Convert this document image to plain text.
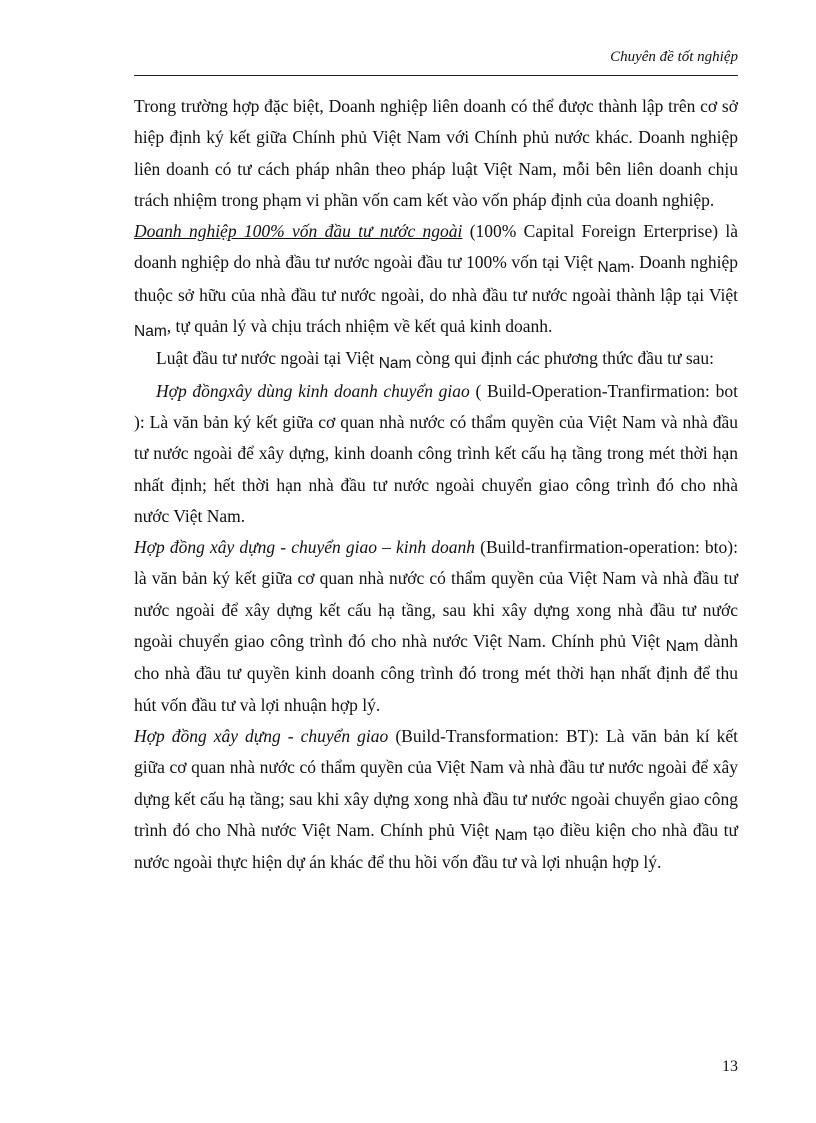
Chuyên đề tốt nghiệp

Trong trường hợp đặc biệt, Doanh nghiệp liên doanh có thể được thành lập trên cơ sở hiệp định ký kết giữa Chính phủ Việt Nam với Chính phủ nước khác. Doanh nghiệp liên doanh có tư cách pháp nhân theo pháp luật Việt Nam, mỗi bên liên doanh chịu trách nhiệm trong phạm vi phần vốn cam kết vào vốn pháp định của doanh nghiệp.

Doanh nghiệp 100% vốn đầu tư nước ngoài (100% Capital Foreign Erterprise) là doanh nghiệp do nhà đầu tư nước ngoài đầu tư 100% vốn tại Việt Nam. Doanh nghiệp thuộc sở hữu của nhà đầu tư nước ngoài, do nhà đầu tư nước ngoài thành lập tại Việt Nam, tự quản lý và chịu trách nhiệm về kết quả kinh doanh.

Luật đầu tư nước ngoài tại Việt Nam còng qui định các phương thức đầu tư sau:

Hợp đồngxây dùng kinh doanh chuyển giao ( Build-Operation-Tranfirmation: bot ): Là văn bản ký kết giữa cơ quan nhà nước có thẩm quyền của Việt Nam và nhà đầu tư nước ngoài để xây dựng, kinh doanh công trình kết cấu hạ tầng trong mét thời hạn nhất định; hết thời hạn nhà đầu tư nước ngoài chuyển giao công trình đó cho nhà nước Việt Nam.

Hợp đồng xây dựng - chuyển giao – kinh doanh (Build-tranfirmation-operation: bto): là văn bản ký kết giữa cơ quan nhà nước có thẩm quyền của Việt Nam và nhà đầu tư nước ngoài để xây dựng kết cấu hạ tầng, sau khi xây dựng xong nhà đầu tư nước ngoài chuyển giao công trình đó cho nhà nước Việt Nam. Chính phủ Việt Nam dành cho nhà đầu tư quyền kinh doanh công trình đó trong mét thời hạn nhất định để thu hút vốn đầu tư và lợi nhuận hợp lý.

Hợp đồng xây dựng - chuyển giao (Build-Transformation: BT): Là văn bản kí kết giữa cơ quan nhà nước có thẩm quyền của Việt Nam và nhà đầu tư nước ngoài để xây dựng kết cấu hạ tầng; sau khi xây dựng xong nhà đầu tư nước ngoài chuyển giao công trình đó cho Nhà nước Việt Nam. Chính phủ Việt Nam tạo điều kiện cho nhà đầu tư nước ngoài thực hiện dự án khác để thu hồi vốn đầu tư và lợi nhuận hợp lý.

13
